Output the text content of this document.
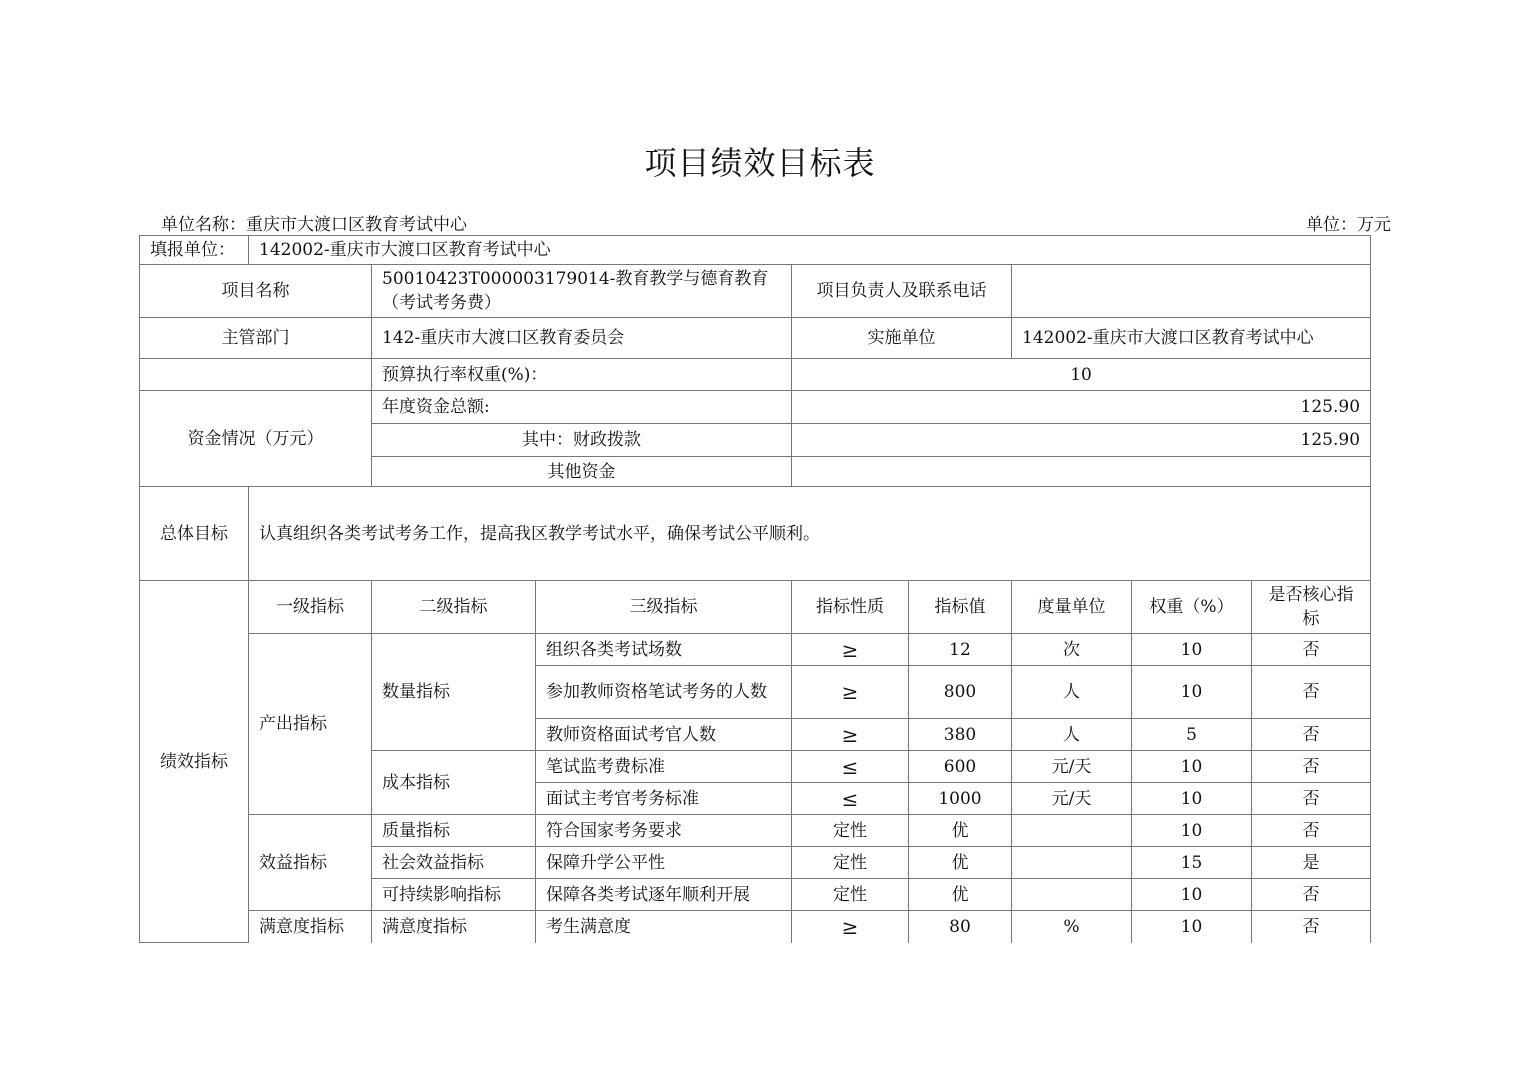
项目绩效目标表
单位名称：重庆市大渡口区教育考试中心	单位：万元
填报单位：	142002-重庆市大渡口区教育考试中心							
项目名称		50010423T000003179014-教育教学与德育教育（考试考务费）		项目负责人及联系电话				
主管部门		142-重庆市大渡口区教育委员会		实施单位		142002-重庆市大渡口区教育考试中心		
		预算执行率权重(%)：		10				
资金情况（万元）		年度资金总额:		125.90				
		其中：财政拨款		125.90				
		其他资金						
总体目标	认真组织各类考试考务工作，提高我区教学考试水平，确保考试公平顺利。							
绩效指标	一级指标	二级指标	三级指标	指标性质	指标值	度量单位	权重（%）	是否核心指标
	产出指标	数量指标	组织各类考试场数	≥	12	次	10	否
			参加教师资格笔试考务的人数	≥	800	人	10	否
			教师资格面试考官人数	≥	380	人	5	否
		成本指标	笔试监考费标准	≤	600	元/天	10	否
			面试主考官考务标准	≤	1000	元/天	10	否
	效益指标	质量指标	符合国家考务要求	定性	优		10	否
		社会效益指标	保障升学公平性	定性	优		15	是
		可持续影响指标	保障各类考试逐年顺利开展	定性	优		10	否
	满意度指标	满意度指标	考生满意度	≥	80	%	10	否
